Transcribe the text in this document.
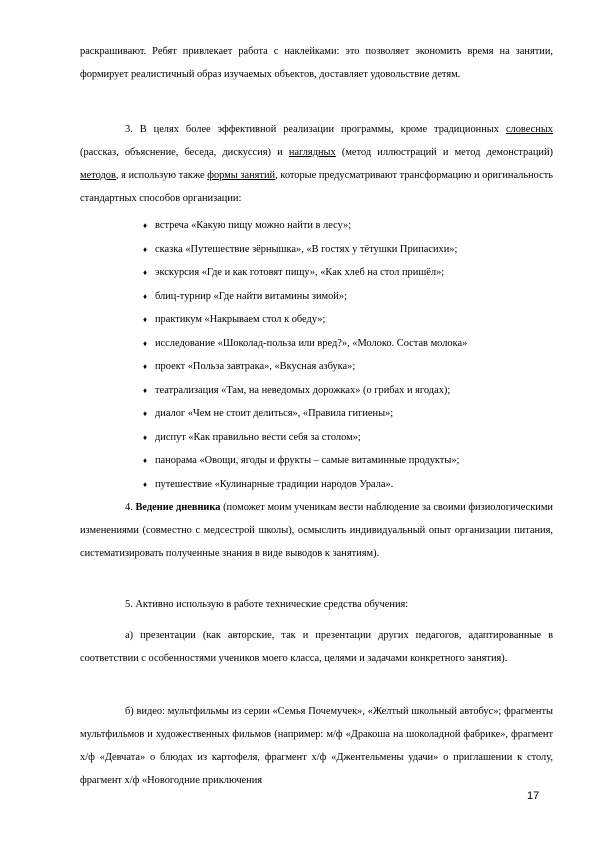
раскрашивают. Ребят привлекает работа с наклейками: это позволяет экономить время на занятии, формирует реалистичный образ изучаемых объектов, доставляет удовольствие детям.

3. В целях более эффективной реализации программы, кроме традиционных словесных (рассказ, объяснение, беседа, дискуссия) и наглядных (метод иллюстраций и метод демонстраций) методов, я использую также формы занятий, которые предусматривают трансформацию и оригинальность стандартных способов организации:

♦ встреча «Какую пищу можно найти в лесу»;
♦ сказка «Путешествие зёрнышка», «В гостях у тётушки Припасихи»;
♦ экскурсия «Где и как готовят пищу», «Как хлеб на стол пришёл»;
♦ блиц-турнир «Где найти витамины зимой»;
♦ практикум «Накрываем стол к обеду»;
♦ исследование «Шоколад-польза или вред?», «Молоко. Состав молока»
♦ проект «Польза завтрака», «Вкусная азбука»;
♦ театрализация «Там, на неведомых дорожках» (о грибах и ягодах);
♦ диалог «Чем не стоит делиться», «Правила гигиены»;
♦ диспут «Как правильно вести себя за столом»;
♦ панорама «Овощи, ягоды и фрукты – самые витаминные продукты»;
♦ путешествие «Кулинарные традиции народов Урала».

4. Ведение дневника (поможет моим ученикам вести наблюдение за своими физиологическими изменениями (совместно с медсестрой школы), осмыслить индивидуальный опыт организации питания, систематизировать полученные знания в виде выводов к занятиям).

5. Активно использую в работе технические средства обучения:

а) презентации (как авторские, так и презентации других педагогов, адаптированные в соответствии с особенностями учеников моего класса, целями и задачами конкретного занятия).

б) видео: мультфильмы из серии «Семья Почемучек», «Желтый школьный автобус»; фрагменты мультфильмов и художественных фильмов (например: м/ф «Дракоша на шоколадной фабрике», фрагмент х/ф «Девчата» о блюдах из картофеля, фрагмент х/ф «Джентельмены удачи» о приглашении к столу, фрагмент х/ф «Новогодние приключения

17
